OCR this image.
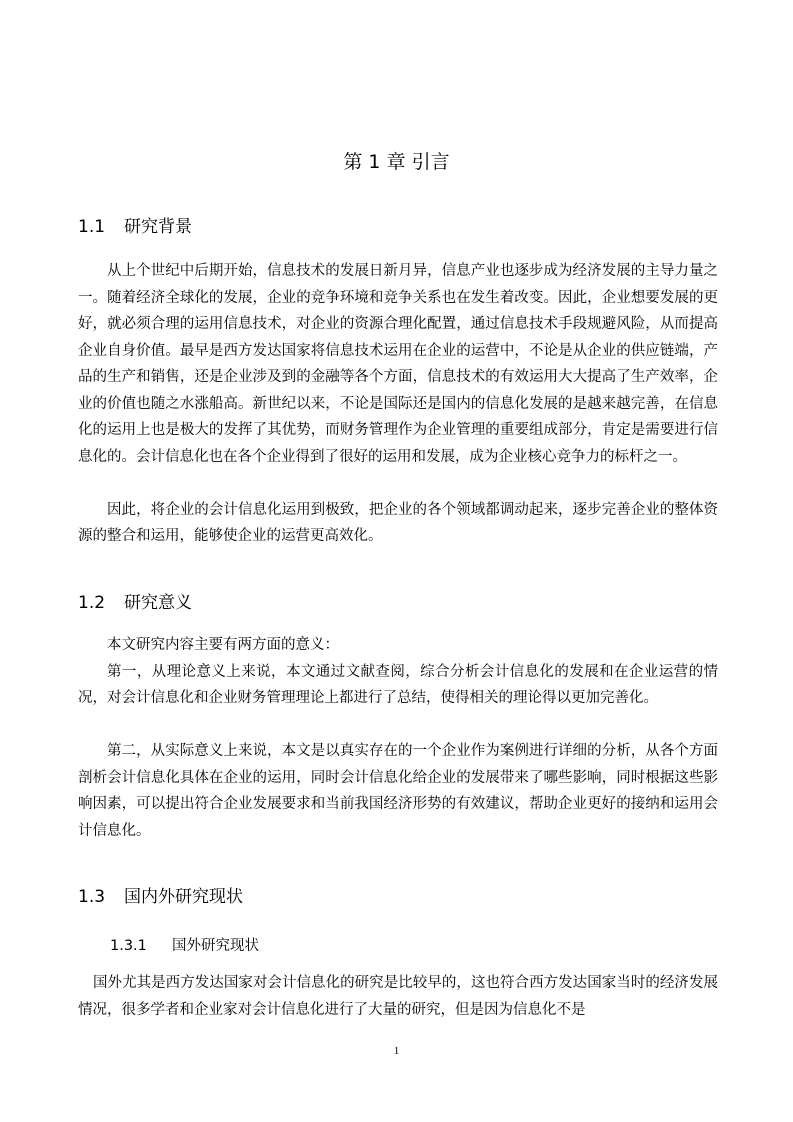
第 1 章 引言
1.1 研究背景

从上个世纪中后期开始，信息技术的发展日新月异，信息产业也逐步成为经济发展的主导力量之一。随着经济全球化的发展，企业的竞争环境和竞争关系也在发生着改变。因此，企业想要发展的更好，就必须合理的运用信息技术，对企业的资源合理化配置，通过信息技术手段规避风险，从而提高企业自身价值。最早是西方发达国家将信息技术运用在企业的运营中，不论是从企业的供应链端，产品的生产和销售，还是企业涉及到的金融等各个方面，信息技术的有效运用大大提高了生产效率，企业的价值也随之水涨船高。新世纪以来，不论是国际还是国内的信息化发展的是越来越完善，在信息化的运用上也是极大的发挥了其优势，而财务管理作为企业管理的重要组成部分，肯定是需要进行信息化的。会计信息化也在各个企业得到了很好的运用和发展，成为企业核心竞争力的标杆之一。

因此，将企业的会计信息化运用到极致，把企业的各个领域都调动起来，逐步完善企业的整体资源的整合和运用，能够使企业的运营更高效化。

1.2 研究意义

本文研究内容主要有两方面的意义：

第一，从理论意义上来说，本文通过文献查阅，综合分析会计信息化的发展和在企业运营的情况，对会计信息化和企业财务管理理论上都进行了总结，使得相关的理论得以更加完善化。

第二，从实际意义上来说，本文是以真实存在的一个企业作为案例进行详细的分析，从各个方面剖析会计信息化具体在企业的运用，同时会计信息化给企业的发展带来了哪些影响，同时根据这些影响因素，可以提出符合企业发展要求和当前我国经济形势的有效建议，帮助企业更好的接纳和运用会计信息化。

1.3 国内外研究现状
1.3.1 国外研究现状

国外尤其是西方发达国家对会计信息化的研究是比较早的，这也符合西方发达国家当时的经济发展情况，很多学者和企业家对会计信息化进行了大量的研究，但是因为信息化不是

1
